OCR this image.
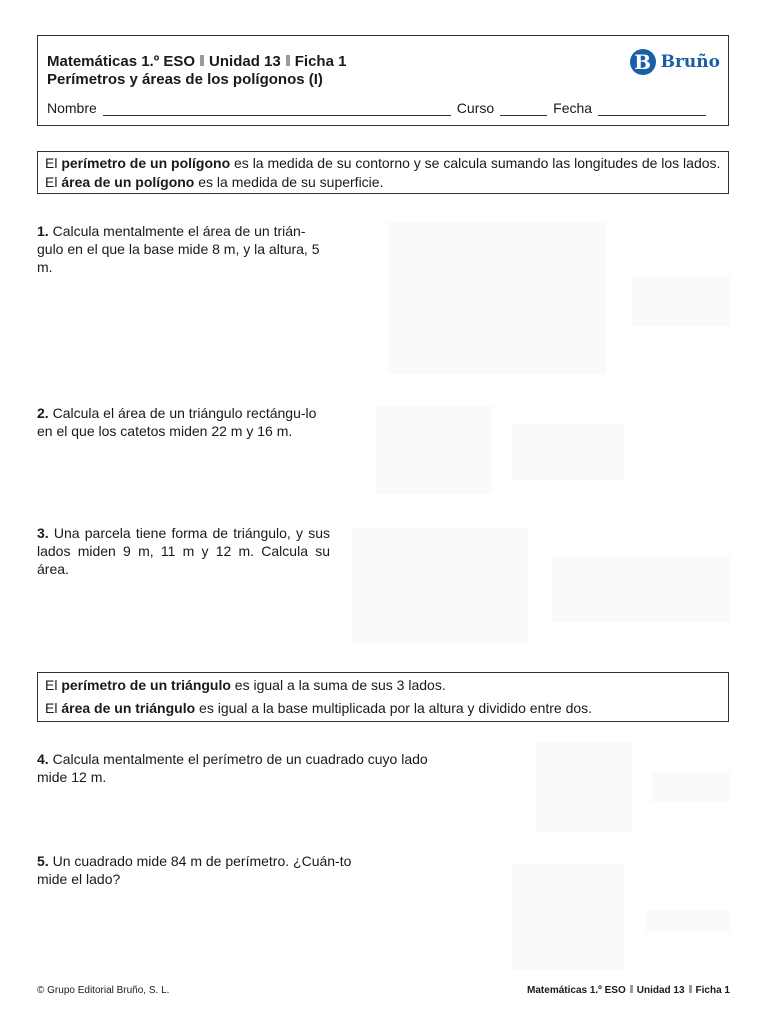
Matemáticas 1.º ESO Unidad 13 Ficha 1
Perímetros y áreas de los polígonos (I)
B Bruño
Nombre	Curso	Fecha
El perímetro de un polígono es la medida de su contorno y se calcula sumando las longitudes de los lados. El área de un polígono es la medida de su superficie.
1. Calcula mentalmente el área de un trián-gulo en el que la base mide 8 m, y la altura, 5 m.
2. Calcula el área de un triángulo rectángu-lo en el que los catetos miden 22 m y 16 m.
3. Una parcela tiene forma de triángulo, y sus lados miden 9 m, 11 m y 12 m. Calcula su área.

El perímetro de un triángulo es igual a la suma de sus 3 lados.

El área de un triángulo es igual a la base multiplicada por la altura y dividido entre dos.

4. Calcula mentalmente el perímetro de un cuadrado cuyo lado mide 12 m.
5. Un cuadrado mide 84 m de perímetro. ¿Cuán-to mide el lado?
© Grupo Editorial Bruño, S. L.	Matemáticas 1.º ESO Unidad 13 Ficha 1
